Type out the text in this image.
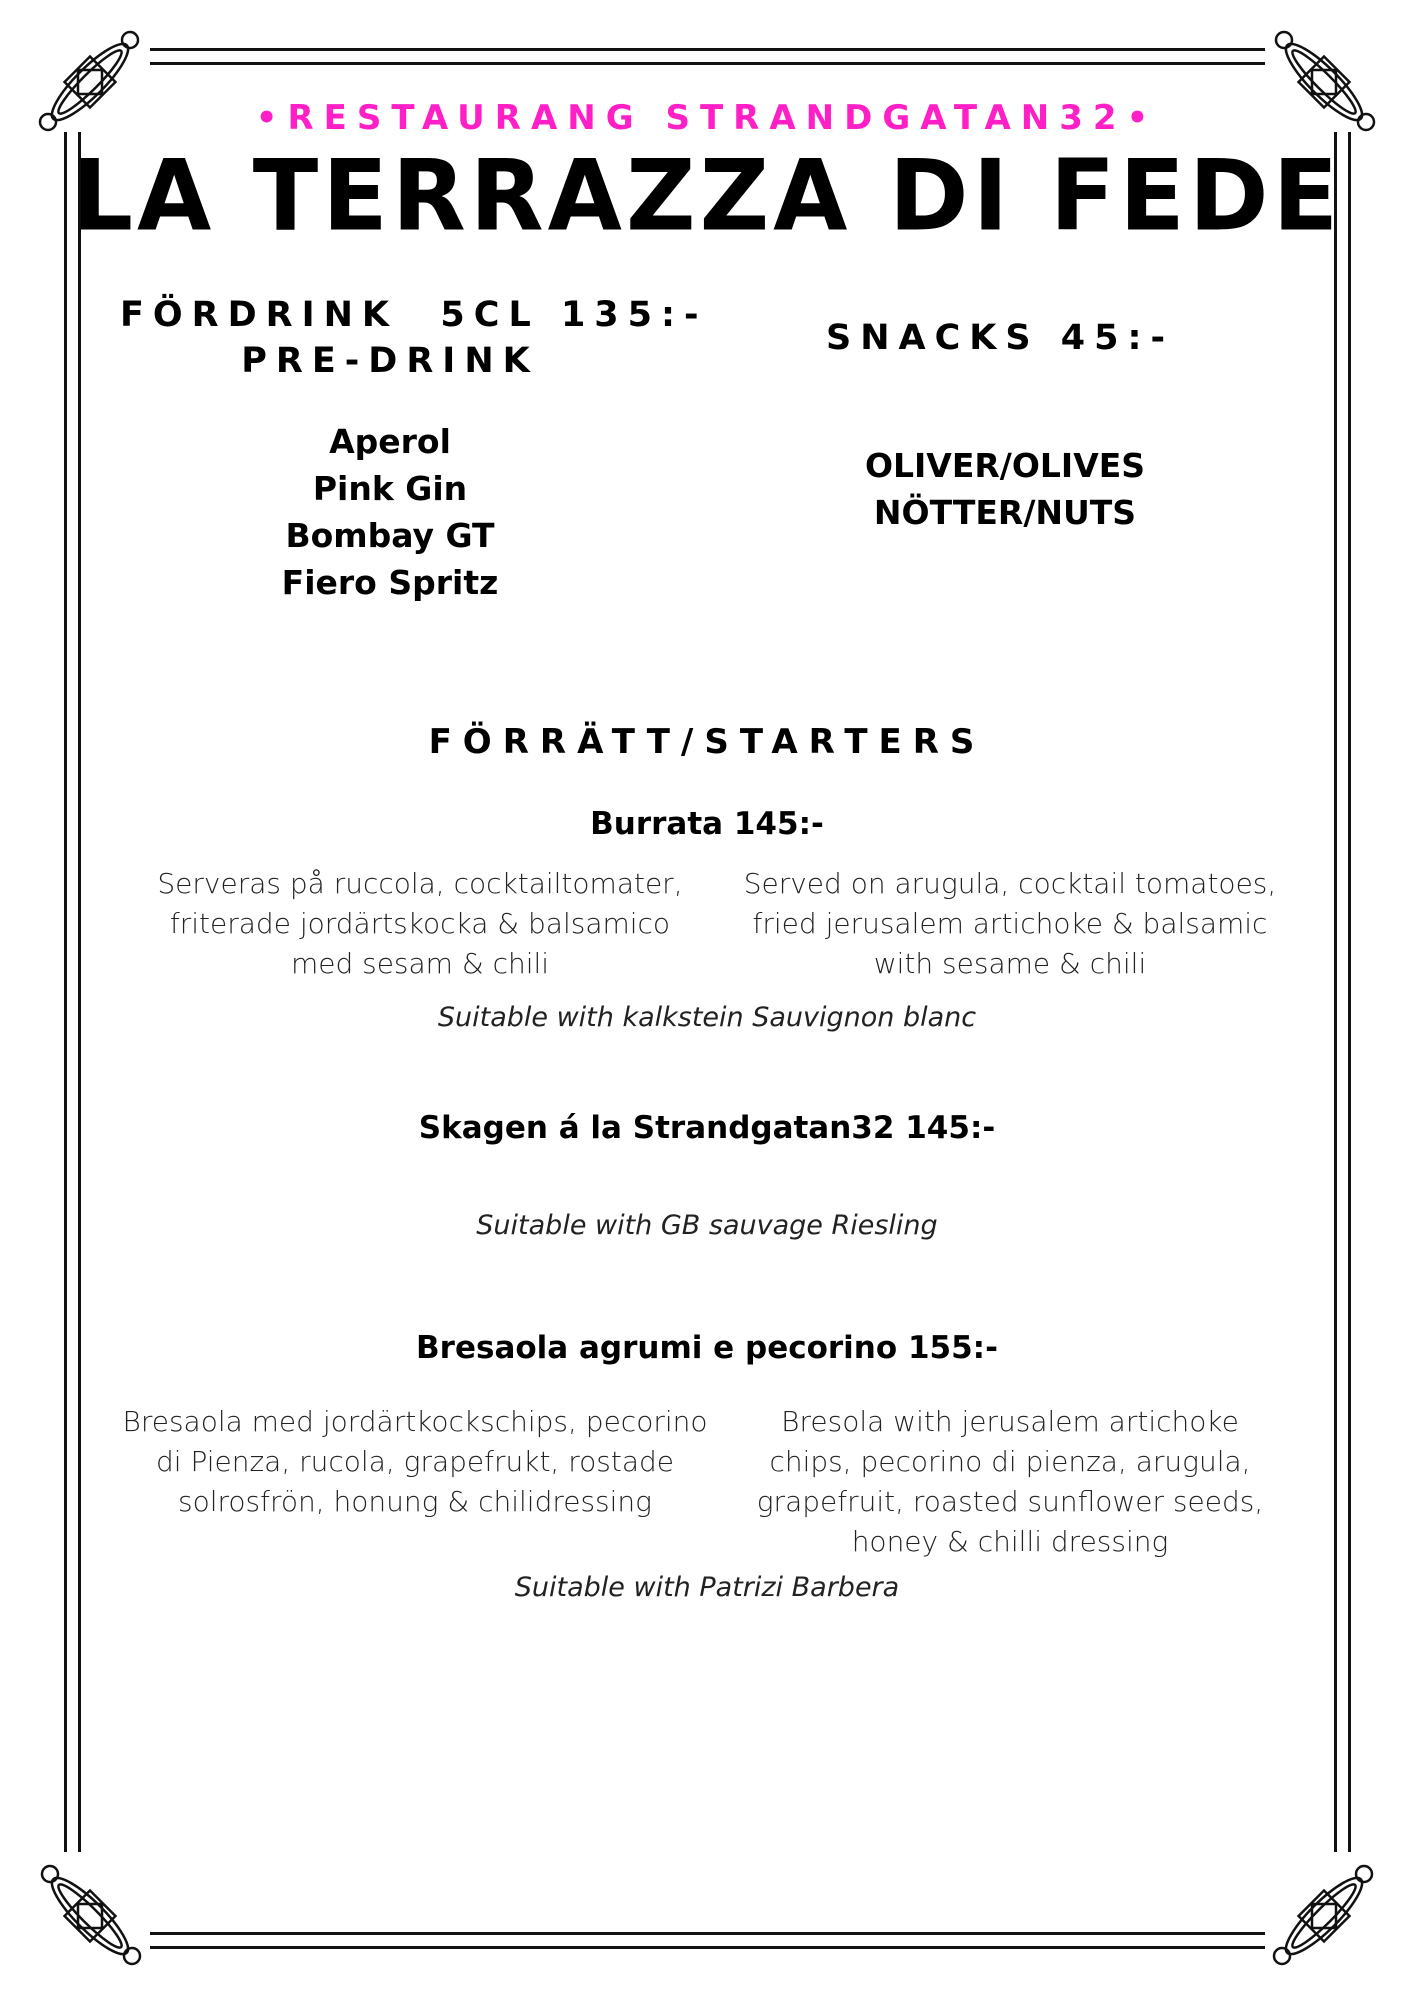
•RESTAURANG STRANDGATAN32•
LA TERRAZZA DI FEDE
FÖRDRINK  5CL 135:-
PRE-DRINK
Aperol
Pink Gin
Bombay GT
Fiero Spritz
SNACKS 45:-
OLIVER/OLIVES
NÖTTER/NUTS
FÖRRÄTT/STARTERS
Burrata 145:-
Serveras på ruccola, cocktailtomater, friterade jordärtskocka & balsamico med sesam & chili
Served on arugula, cocktail tomatoes, fried jerusalem artichoke & balsamic with sesame & chili
Suitable with kalkstein Sauvignon blanc
Skagen á la Strandgatan32 145:-
Suitable with GB sauvage Riesling
Bresaola agrumi e pecorino 155:-
Bresaola med jordärtkockschips, pecorino di Pienza, rucola, grapefrukt, rostade solrosfrön, honung & chilidressing
Bresola with jerusalem artichoke chips, pecorino di pienza, arugula, grapefruit, roasted sunflower seeds, honey & chilli dressing
Suitable with Patrizi Barbera
